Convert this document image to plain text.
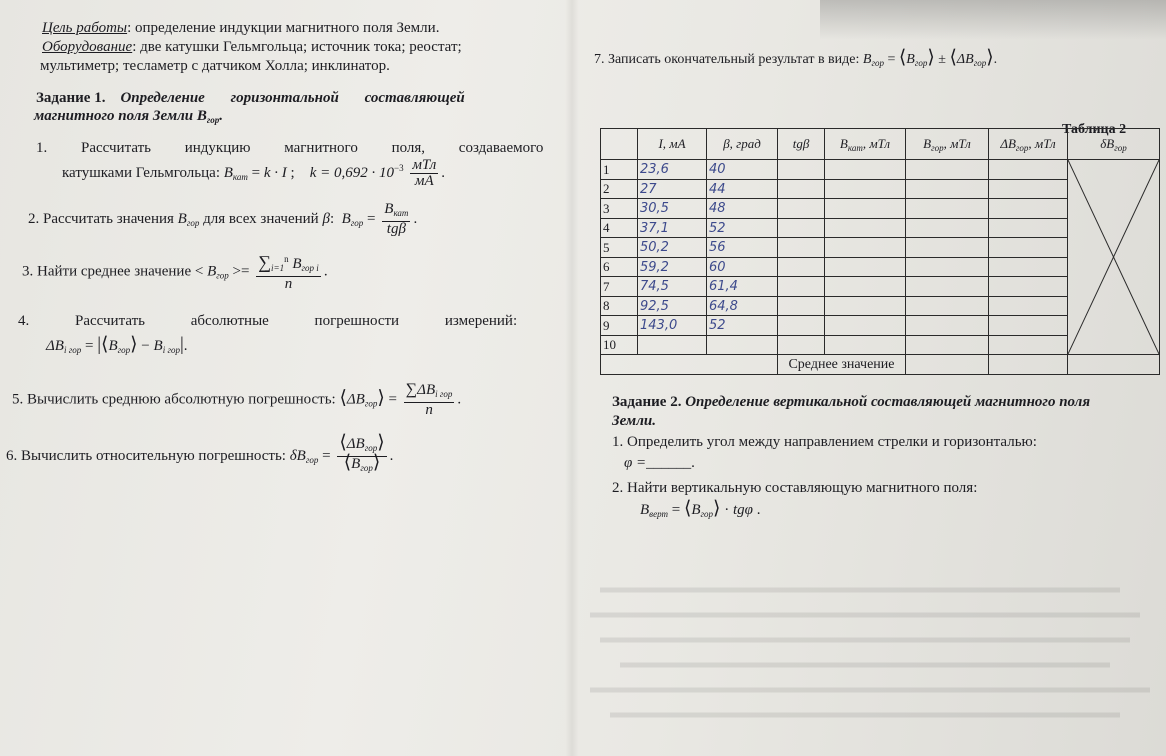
Цель работы: определение индукции магнитного поля Земли.
Оборудование: две катушки Гельмгольца; источник тока; реостат;
мультиметр; тесламетр с датчиком Холла; инклинатор.
Задание 1. Определение горизонтальной составляющей
магнитного поля Земли $B_{гор}$.
1. Рассчитать индукцию магнитного поля, создаваемого
катушками Гельмгольца: $B_{кат} = k \cdot I$ ;    $k = 0,692 \cdot 10^{-3} \frac{\text{мТл}}{мА}$ .
2. Рассчитать значения $B_{гор}$ для всех значений β:  $B_{гор} = \frac{B_{кат}}{\text{tgβ}}$ .
3. Найти среднее значение < $B_{гор} >= \frac{\sum_{i=1}^n B_{гор i}}{n}$ .
4. Рассчитать абсолютные погрешности измерений:
$\Delta B_{i гор}$ = $|⟨B_{гор}⟩ - B_{i гор}|$.
5. Вычислить среднюю абсолютную погрешность: $⟨\Delta B_{гор}⟩ = \frac{\sum\Delta B_{i гор}}{n}$ .
6. Вычислить относительную погрешность: $\delta B_{гор} = \frac{⟨\Delta B_{гор}⟩}{⟨B_{гор}⟩}$ .
7. Записать окончательный результат в виде: $B_{гор}$ = $⟨B_{гор}⟩$ ± $⟨\Delta B_{гор}⟩$.
Таблица 2
	I, мА	β, град	tgβ	$B_{кат}$, мТл	$B_{гор}$, мТл	$\Delta B_{гор}$, мТл	$\delta B_{гор}$
1	23,6	40					

2	27	44					
3	30,5	48					
4	37,1	52					
5	50,2	56					
6	59,2	60					
7	74,5	61,4					
8	92,5	64,8					
9	143,0	52					
10							
			Среднее значение				
Задание 2. Определение вертикальной составляющей магнитного поля
Земли.
1. Определить угол между направлением стрелки и горизонталью:
φ =______.
2. Найти вертикальную составляющую магнитного поля:
$B_{верт}$ = $⟨B_{гор}⟩ \cdot tg\varphi$ .
